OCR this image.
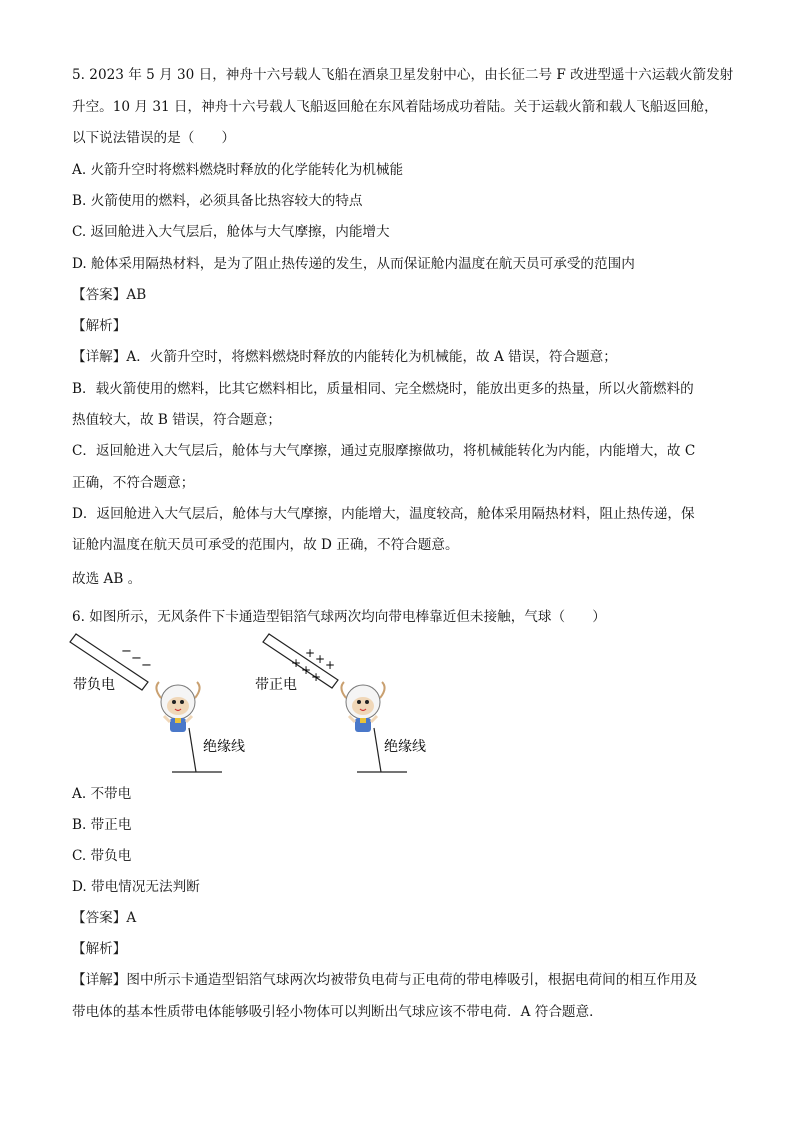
5. 2023 年 5 月 30 日，神舟十六号载人飞船在酒泉卫星发射中心，由长征二号 F 改进型遥十六运载火箭发射
升空。10 月 31 日，神舟十六号载人飞船返回舱在东风着陆场成功着陆。关于运载火箭和载人飞船返回舱，
以下说法错误的是（　　）
A. 火箭升空时将燃料燃烧时释放的化学能转化为机械能
B. 火箭使用的燃料，必须具备比热容较大的特点
C. 返回舱进入大气层后，舱体与大气摩擦，内能增大
D. 舱体采用隔热材料，是为了阻止热传递的发生，从而保证舱内温度在航天员可承受的范围内
【答案】AB
【解析】
【详解】A．火箭升空时，将燃料燃烧时释放的内能转化为机械能，故 A 错误，符合题意；
B．载火箭使用的燃料，比其它燃料相比，质量相同、完全燃烧时，能放出更多的热量，所以火箭燃料的
热值较大，故 B 错误，符合题意；
C．返回舱进入大气层后，舱体与大气摩擦，通过克服摩擦做功，将机械能转化为内能，内能增大，故 C
正确，不符合题意；
D．返回舱进入大气层后，舱体与大气摩擦，内能增大，温度较高，舱体采用隔热材料，阻止热传递，保
证舱内温度在航天员可承受的范围内，故 D 正确，不符合题意。
故选 AB 。
6. 如图所示，无风条件下卡通造型铝箔气球两次均向带电棒靠近但未接触，气球（　　）
− − −
带负电
绝缘线
+ + +
+ +
+
带正电
绝缘线
A. 不带电
B. 带正电
C. 带负电
D. 带电情况无法判断
【答案】A
【解析】
【详解】图中所示卡通造型铝箔气球两次均被带负电荷与正电荷的带电棒吸引，根据电荷间的相互作用及
带电体的基本性质带电体能够吸引轻小物体可以判断出气球应该不带电荷．A 符合题意．
